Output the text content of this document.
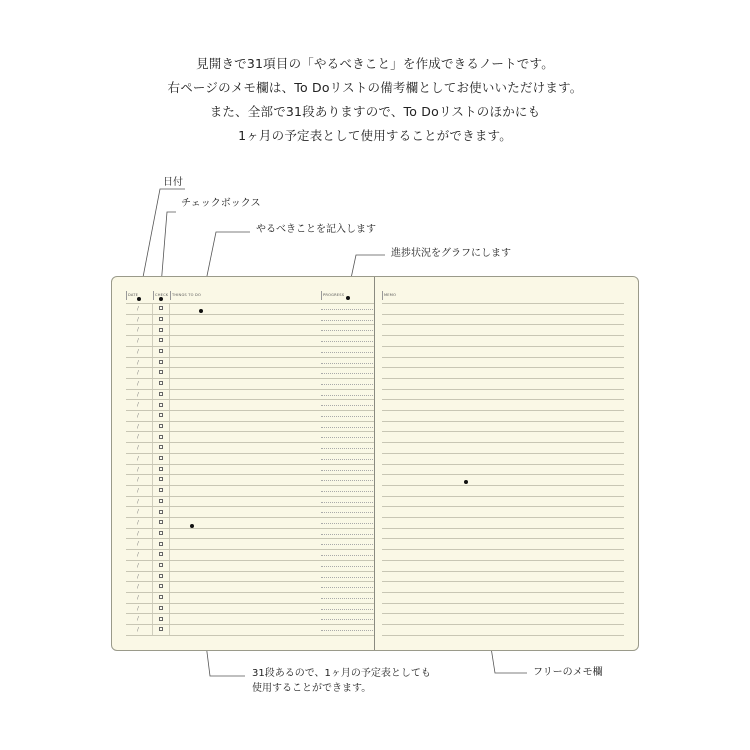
見開きで31項目の「やるべきこと」を作成できるノートです。
右ページのメモ欄は、To Doリストの備考欄としてお使いいただけます。
また、全部で31段ありますので、To Doリストのほかにも
1ヶ月の予定表として使用することができます。
日付
チェックボックス
やるべきことを記入します
進捗状況をグラフにします
31段あるので、1ヶ月の予定表としても
使用することができます。
フリーのメモ欄
DATE	CHECK THINGS TO DO	PROGRESS	MEMO
/
/
/
/
/
/
/
/
/
/
/
/
/
/
/
/
/
/
/
/
/
/
/
/
/
/
/
/
/
/
/
